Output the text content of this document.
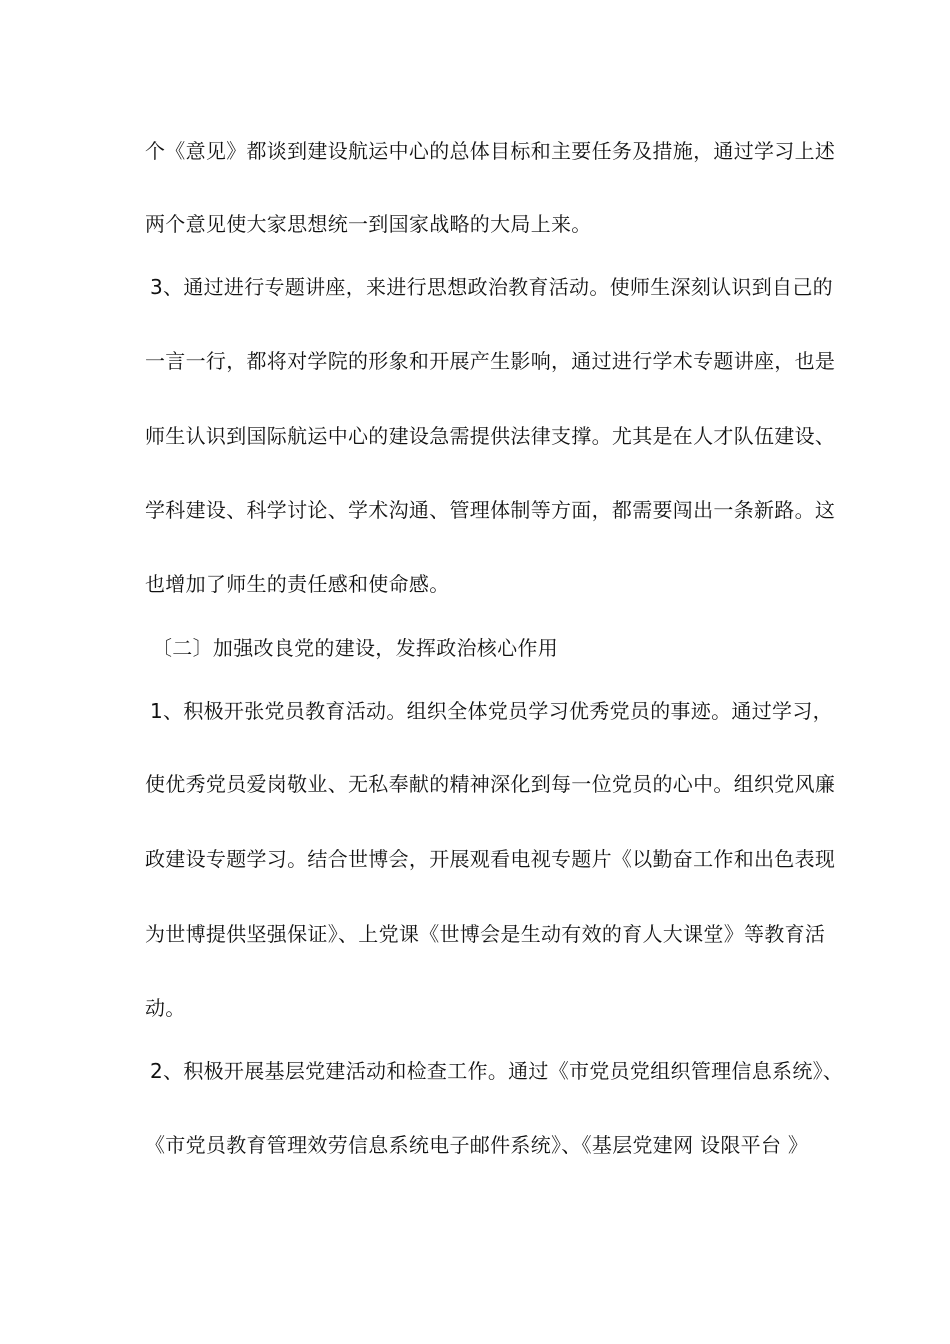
个《意见》都谈到建设航运中心的总体目标和主要任务及措施，通过学习上述
两个意见使大家思想统一到国家战略的大局上来。
3、通过进行专题讲座，来进行思想政治教育活动。使师生深刻认识到自己的
一言一行，都将对学院的形象和开展产生影响，通过进行学术专题讲座，也是
师生认识到国际航运中心的建设急需提供法律支撑。尤其是在人才队伍建设、
学科建设、科学讨论、学术沟通、管理体制等方面，都需要闯出一条新路。这
也增加了师生的责任感和使命感。
〔二〕加强改良党的建设，发挥政治核心作用
1、积极开张党员教育活动。组织全体党员学习优秀党员的事迹。通过学习，
使优秀党员爱岗敬业、无私奉献的精神深化到每一位党员的心中。组织党风廉
政建设专题学习。结合世博会，开展观看电视专题片《以勤奋工作和出色表现
为世博提供坚强保证》、上党课《世博会是生动有效的育人大课堂》等教育活
动。
2、积极开展基层党建活动和检查工作。通过《市党员党组织管理信息系统》、
《市党员教育管理效劳信息系统电子邮件系统》、《基层党建网 设限平台 》
